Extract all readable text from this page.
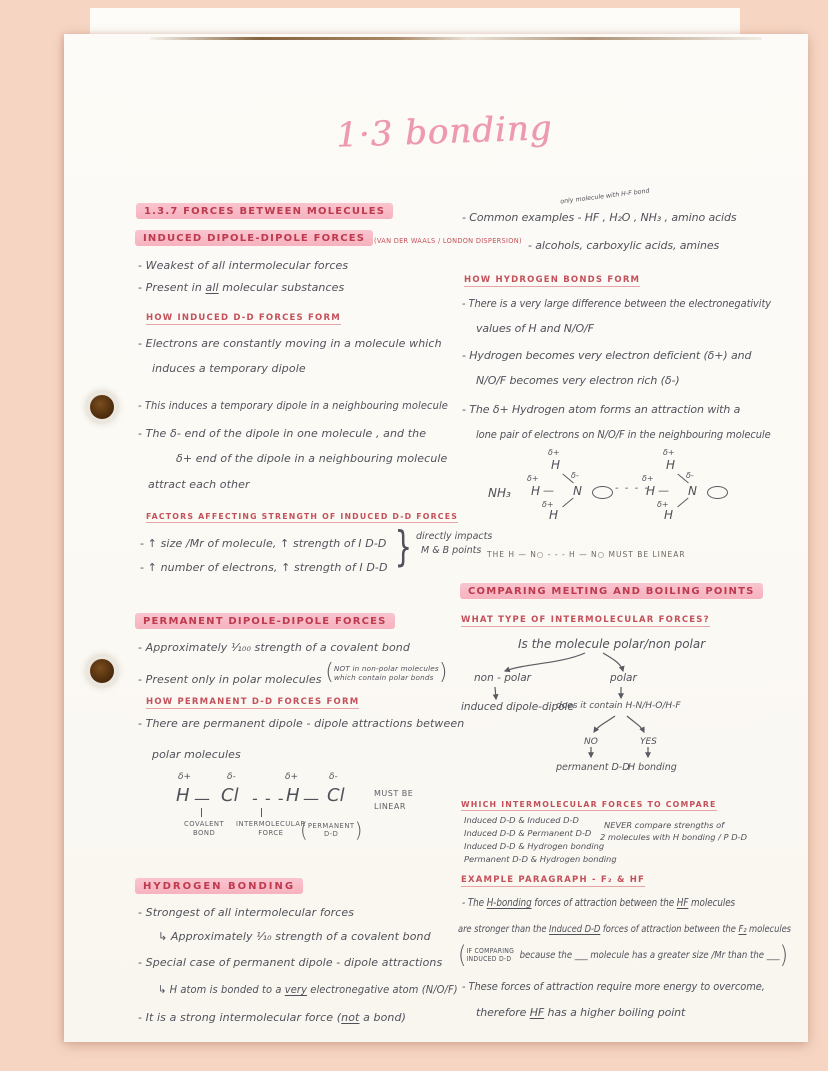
1·3 bonding
1.3.7 FORCES BETWEEN MOLECULES
INDUCED DIPOLE-DIPOLE FORCES	(VAN DER WAALS / LONDON DISPERSION)
- Weakest of all intermolecular forces
- Present in all molecular substances
HOW INDUCED D-D FORCES FORM
- Electrons are constantly moving in a molecule which
induces a temporary dipole
- This induces a temporary dipole in a neighbouring molecule
- The δ- end of the dipole in one molecule , and the
δ+ end of the dipole in a neighbouring molecule
attract each other
FACTORS AFFECTING STRENGTH OF INDUCED D-D FORCES
- ↑ size /Mr of molecule, ↑ strength of I D-D
- ↑ number of electrons, ↑ strength of I D-D } directly impacts
M & B points
PERMANENT DIPOLE-DIPOLE FORCES
- Approximately ¹⁄₁₀₀ strength of a covalent bond
- Present only in polar molecules ( NOT in non-polar molecules
which contain polar bonds )
HOW PERMANENT D-D FORCES FORM
- There are permanent dipole - dipole attractions between
polar molecules
δ+	δ-	δ+	δ-
H — Cl - - - H — Cl
COVALENT
BOND
INTERMOLECULAR
FORCE ( PERMANENT
D-D )
MUST BE
LINEAR
HYDROGEN BONDING
- Strongest of all intermolecular forces
↳ Approximately ¹⁄₁₀ strength of a covalent bond
- Special case of permanent dipole - dipole attractions
↳ H atom is bonded to a very electronegative atom (N/O/F)
- It is a strong intermolecular force (not a bond)
only molecule with H-F bond
- Common examples - HF , H₂O , NH₃ , amino acids
- alcohols, carboxylic acids, amines
HOW HYDROGEN BONDS FORM
- There is a very large difference between the electronegativity
values of H and N/O/F
- Hydrogen becomes very electron deficient (δ+) and
N/O/F becomes very electron rich (δ-)
- The δ+ Hydrogen atom forms an attraction with a
lone pair of electrons on N/O/F in the neighbouring molecule
NH₃
δ+
H
δ+
H —
δ-
N
δ+
H
- - - -
δ+
H
δ+
H —
δ-
N
δ+
H
THE H — N○ - - - H — N○ MUST BE LINEAR
COMPARING MELTING AND BOILING POINTS
WHAT TYPE OF INTERMOLECULAR FORCES?
Is the molecule polar/non polar
non - polar
induced dipole-dipole
polar
does it contain H-N/H-O/H-F
NO	YES
permanent D-D
H bonding
WHICH INTERMOLECULAR FORCES TO COMPARE
Induced D-D & Induced D-D
Induced D-D & Permanent D-D
Induced D-D & Hydrogen bonding
Permanent D-D & Hydrogen bonding
NEVER compare strengths of
2 molecules with H bonding / P D-D
EXAMPLE PARAGRAPH - F₂ & HF
- The H-bonding forces of attraction between the HF molecules
are stronger than the Induced D-D forces of attraction between the F₂ molecules
( IF COMPARING
INDUCED D-D because the ___ molecule has a greater size /Mr than the ___ )
- These forces of attraction require more energy to overcome,
therefore HF has a higher boiling point
